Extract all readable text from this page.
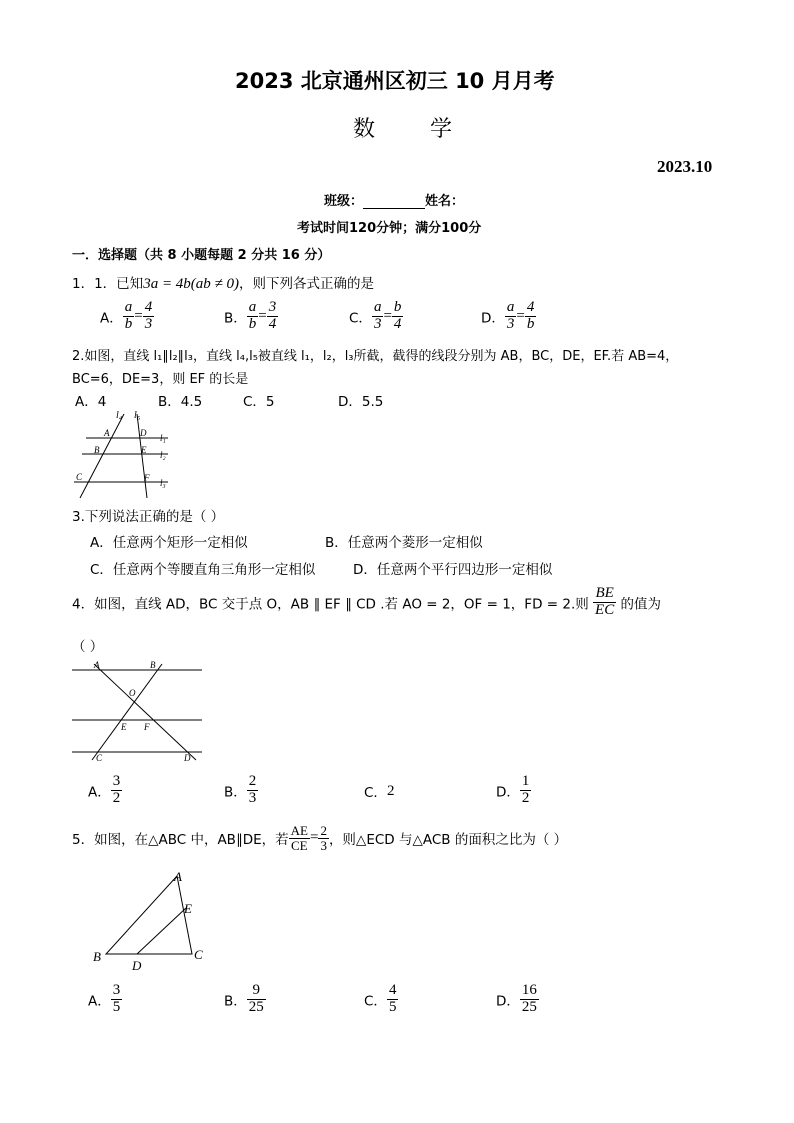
2023 北京通州区初三 10 月月考
数 学
2023.10
班级：	姓名：
考试时间120分钟；满分100分
一．选择题（共 8 小题每题 2 分共 16 分）
1．1．已知3a = 4b(ab ≠ 0)，则下列各式正确的是
A． $\frac{a}{b} = \frac{4}{3}$	B． $\frac{a}{b} = \frac{3}{4}$	C． $\frac{a}{3} = \frac{b}{4}$	D． $\frac{a}{3} = \frac{4}{b}$
2.如图，直线 l₁∥l₂∥l₃，直线 l₄,l₅被直线 l₁，l₂，l₃所截，截得的线段分别为 AB，BC，DE，EF.若 AB=4，
BC=6，DE=3，则 EF 的长是
A．4	B．4.5	C．5	D．5.5
l₄ l₅
A
B
C
D
E
F
l₁
l₂
l₃
3.下列说法正确的是（ ）
A．任意两个矩形一定相似	B．任意两个菱形一定相似
C．任意两个等腰直角三角形一定相似	D．任意两个平行四边形一定相似
4．如图，直线 AD，BC 交于点 O，AB ∥ EF ∥ CD .若 AO = 2，OF = 1，FD = 2.则 $\frac{BE}{EC}$ 的值为
（ ）
A	B
O
E F
C	D
A． $\frac{3}{2}$	B． $\frac{2}{3}$	C．2	D． $\frac{1}{2}$
5．如图，在△ABC 中，AB∥DE，若 $\frac{AE}{CE} = \frac{2}{3}$ ，则△ECD 与△ACB 的面积之比为（ ）
A
E
B	C
D
A． $\frac{3}{5}$	B． $\frac{9}{25}$	C． $\frac{4}{5}$	D． $\frac{16}{25}$
